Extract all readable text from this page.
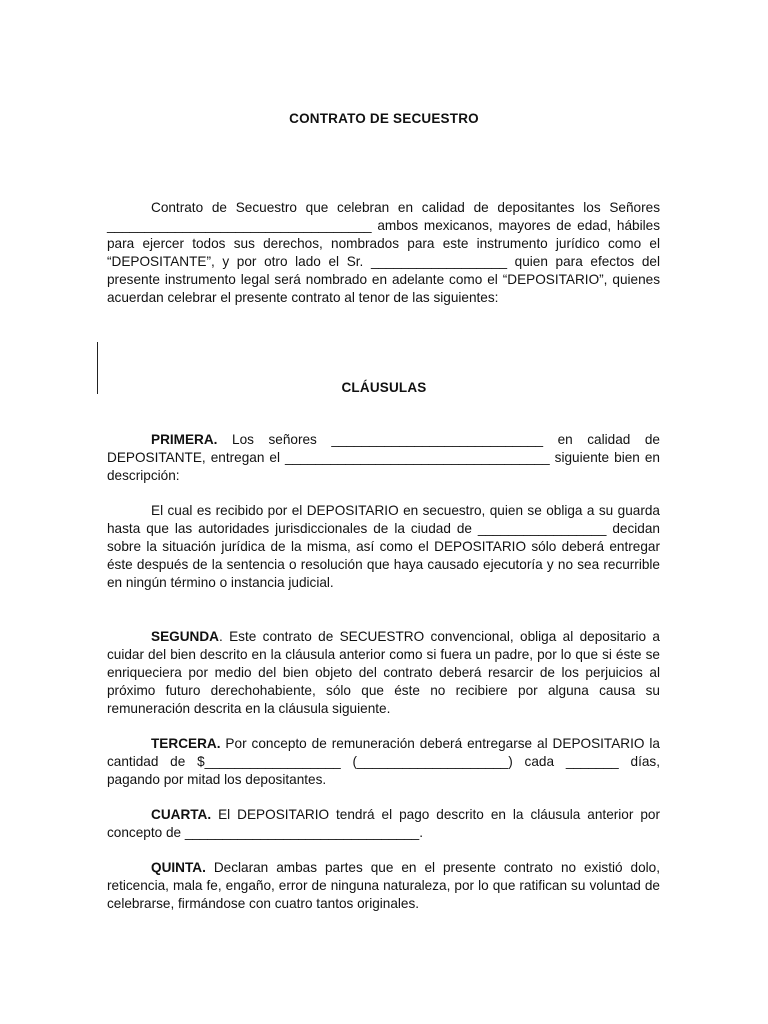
CONTRATO DE SECUESTRO

Contrato de Secuestro que celebran en calidad de depositantes los Señores ___________________________________ ambos mexicanos, mayores de edad, hábiles para ejercer todos sus derechos, nombrados para este instrumento jurídico como el “DEPOSITANTE”, y por otro lado el Sr. __________________ quien para efectos del presente instrumento legal será nombrado en adelante como el “DEPOSITARIO”, quienes acuerdan celebrar el presente contrato al tenor de las siguientes:

CLÁUSULAS

PRIMERA. Los señores ____________________________ en calidad de DEPOSITANTE, entregan el ___________________________________ siguiente bien en descripción:

El cual es recibido por el DEPOSITARIO en secuestro, quien se obliga a su guarda hasta que las autoridades jurisdiccionales de la ciudad de _________________ decidan sobre la situación jurídica de la misma, así como el DEPOSITARIO sólo deberá entregar éste después de la sentencia o resolución que haya causado ejecutoría y no sea recurrible en ningún término o instancia judicial.

SEGUNDA. Este contrato de SECUESTRO convencional, obliga al depositario a cuidar del bien descrito en la cláusula anterior como si fuera un padre, por lo que si éste se enriqueciera por medio del bien objeto del contrato deberá resarcir de los perjuicios al próximo futuro derechohabiente, sólo que éste no recibiere por alguna causa su remuneración descrita en la cláusula siguiente.

TERCERA. Por concepto de remuneración deberá entregarse al DEPOSITARIO la cantidad de $__________________ (____________________) cada _______ días, pagando por mitad los depositantes.

CUARTA. El DEPOSITARIO tendrá el pago descrito en la cláusula anterior por concepto de _______________________________.

QUINTA. Declaran ambas partes que en el presente contrato no existió dolo, reticencia, mala fe, engaño, error de ninguna naturaleza, por lo que ratifican su voluntad de celebrarse, firmándose con cuatro tantos originales.
